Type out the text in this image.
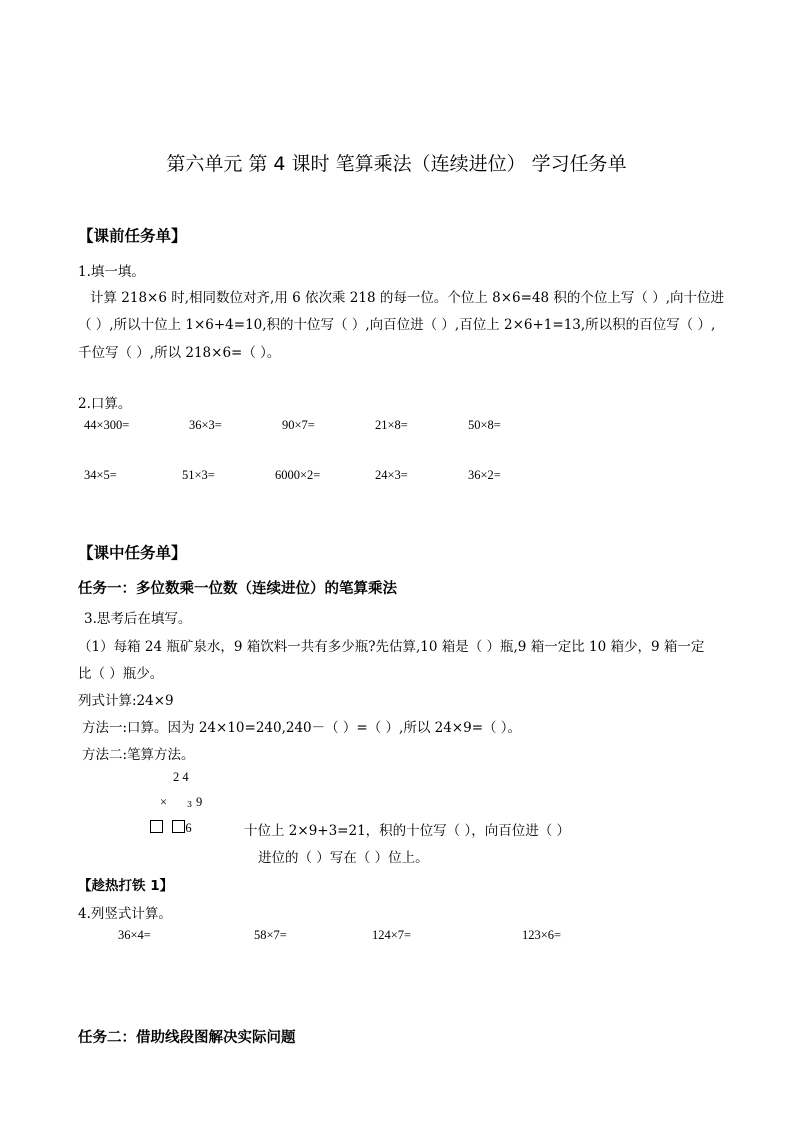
第六单元 第 4 课时 笔算乘法（连续进位） 学习任务单
【课前任务单】
1.填一填。
计算 218×6 时,相同数位对齐,用 6 依次乘 218 的每一位。个位上 8×6=48 积的个位上写（ ）,向十位进
（ ）,所以十位上 1×6+4=10,积的十位写（ ）,向百位进（ ）,百位上 2×6+1=13,所以积的百位写（ ）,
千位写（ ）,所以 218×6=（ ）。
2.口算。
44×300=	36×3=	90×7=	21×8=	50×8=
34×5=	51×3=	6000×2=	24×3=	36×2=
【课中任务单】
任务一：多位数乘一位数（连续进位）的笔算乘法
3.思考后在填写。
（1）每箱 24 瓶矿泉水，9 箱饮料一共有多少瓶?先估算,10 箱是（ ）瓶,9 箱一定比 10 箱少，9 箱一定
比（ ）瓶少。
列式计算:24×9
方法一:口算。因为 24×10=240,240－（ ）=（ ）,所以 24×9=（ ）。
方法二:笔算方法。
2 4
× 3 9
6	十位上 2×9+3=21，积的十位写（ ），向百位进（ ）
进位的（ ）写在（ ）位上。
【趁热打铁 1】
4.列竖式计算。
36×4=	58×7=	124×7=	123×6=
任务二：借助线段图解决实际问题
